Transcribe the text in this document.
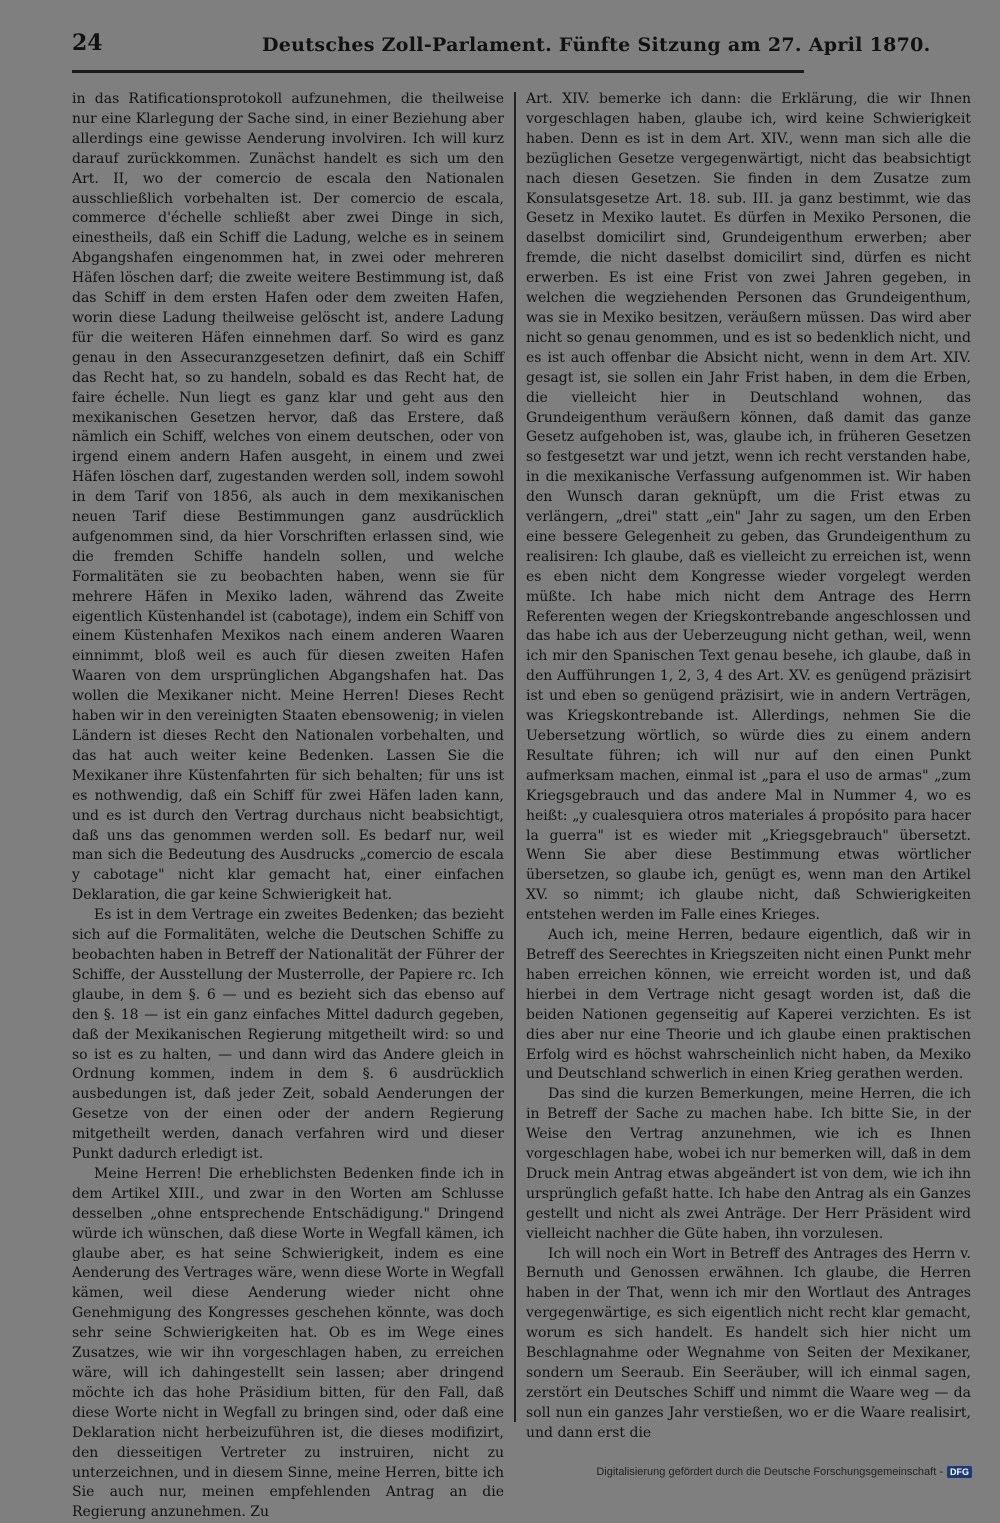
24	Deutsches Zoll-Parlament. Fünfte Sitzung am 27. April 1870.

in das Ratificationsprotokoll aufzunehmen, die theilweise nur eine Klarlegung der Sache sind, in einer Beziehung aber allerdings eine gewisse Aenderung involviren. Ich will kurz darauf zurückkommen. Zunächst handelt es sich um den Art. II, wo der comercio de escala den Nationalen ausschließlich vorbehalten ist. Der comercio de escala, commerce d'échelle schließt aber zwei Dinge in sich, einestheils, daß ein Schiff die Ladung, welche es in seinem Abgangshafen eingenommen hat, in zwei oder mehreren Häfen löschen darf; die zweite weitere Bestimmung ist, daß das Schiff in dem ersten Hafen oder dem zweiten Hafen, worin diese Ladung theilweise gelöscht ist, andere Ladung für die weiteren Häfen einnehmen darf. So wird es ganz genau in den Assecuranzgesetzen definirt, daß ein Schiff das Recht hat, so zu handeln, sobald es das Recht hat, de faire échelle. Nun liegt es ganz klar und geht aus den mexikanischen Gesetzen hervor, daß das Erstere, daß nämlich ein Schiff, welches von einem deutschen, oder von irgend einem andern Hafen ausgeht, in einem und zwei Häfen löschen darf, zugestanden werden soll, indem sowohl in dem Tarif von 1856, als auch in dem mexikanischen neuen Tarif diese Bestimmungen ganz ausdrücklich aufgenommen sind, da hier Vorschriften erlassen sind, wie die fremden Schiffe handeln sollen, und welche Formalitäten sie zu beobachten haben, wenn sie für mehrere Häfen in Mexiko laden, während das Zweite eigentlich Küstenhandel ist (cabotage), indem ein Schiff von einem Küstenhafen Mexikos nach einem anderen Waaren einnimmt, bloß weil es auch für diesen zweiten Hafen Waaren von dem ursprünglichen Abgangshafen hat. Das wollen die Mexikaner nicht. Meine Herren! Dieses Recht haben wir in den vereinigten Staaten ebensowenig; in vielen Ländern ist dieses Recht den Nationalen vorbehalten, und das hat auch weiter keine Bedenken. Lassen Sie die Mexikaner ihre Küstenfahrten für sich behalten; für uns ist es nothwendig, daß ein Schiff für zwei Häfen laden kann, und es ist durch den Vertrag durchaus nicht beabsichtigt, daß uns das genommen werden soll. Es bedarf nur, weil man sich die Bedeutung des Ausdrucks „comercio de escala y cabotage" nicht klar gemacht hat, einer einfachen Deklaration, die gar keine Schwierigkeit hat.

Es ist in dem Vertrage ein zweites Bedenken; das bezieht sich auf die Formalitäten, welche die Deutschen Schiffe zu beobachten haben in Betreff der Nationalität der Führer der Schiffe, der Ausstellung der Musterrolle, der Papiere rc. Ich glaube, in dem §. 6 — und es bezieht sich das ebenso auf den §. 18 — ist ein ganz einfaches Mittel dadurch gegeben, daß der Mexikanischen Regierung mitgetheilt wird: so und so ist es zu halten, — und dann wird das Andere gleich in Ordnung kommen, indem in dem §. 6 ausdrücklich ausbedungen ist, daß jeder Zeit, sobald Aenderungen der Gesetze von der einen oder der andern Regierung mitgetheilt werden, danach verfahren wird und dieser Punkt dadurch erledigt ist.

Meine Herren! Die erheblichsten Bedenken finde ich in dem Artikel XIII., und zwar in den Worten am Schlusse desselben „ohne entsprechende Entschädigung." Dringend würde ich wünschen, daß diese Worte in Wegfall kämen, ich glaube aber, es hat seine Schwierigkeit, indem es eine Aenderung des Vertrages wäre, wenn diese Worte in Wegfall kämen, weil diese Aenderung wieder nicht ohne Genehmigung des Kongresses geschehen könnte, was doch sehr seine Schwierigkeiten hat. Ob es im Wege eines Zusatzes, wie wir ihn vorgeschlagen haben, zu erreichen wäre, will ich dahingestellt sein lassen; aber dringend möchte ich das hohe Präsidium bitten, für den Fall, daß diese Worte nicht in Wegfall zu bringen sind, oder daß eine Deklaration nicht herbeizuführen ist, die dieses modifizirt, den diesseitigen Vertreter zu instruiren, nicht zu unterzeichnen, und in diesem Sinne, meine Herren, bitte ich Sie auch nur, meinen empfehlenden Antrag an die Regierung anzunehmen. Zu

Art. XIV. bemerke ich dann: die Erklärung, die wir Ihnen vorgeschlagen haben, glaube ich, wird keine Schwierigkeit haben. Denn es ist in dem Art. XIV., wenn man sich alle die bezüglichen Gesetze vergegenwärtigt, nicht das beabsichtigt nach diesen Gesetzen. Sie finden in dem Zusatze zum Konsulatsgesetze Art. 18. sub. III. ja ganz bestimmt, wie das Gesetz in Mexiko lautet. Es dürfen in Mexiko Personen, die daselbst domicilirt sind, Grundeigenthum erwerben; aber fremde, die nicht daselbst domicilirt sind, dürfen es nicht erwerben. Es ist eine Frist von zwei Jahren gegeben, in welchen die wegziehenden Personen das Grundeigenthum, was sie in Mexiko besitzen, veräußern müssen. Das wird aber nicht so genau genommen, und es ist so bedenklich nicht, und es ist auch offenbar die Absicht nicht, wenn in dem Art. XIV. gesagt ist, sie sollen ein Jahr Frist haben, in dem die Erben, die vielleicht hier in Deutschland wohnen, das Grundeigenthum veräußern können, daß damit das ganze Gesetz aufgehoben ist, was, glaube ich, in früheren Gesetzen so festgesetzt war und jetzt, wenn ich recht verstanden habe, in die mexikanische Verfassung aufgenommen ist. Wir haben den Wunsch daran geknüpft, um die Frist etwas zu verlängern, „drei" statt „ein" Jahr zu sagen, um den Erben eine bessere Gelegenheit zu geben, das Grundeigenthum zu realisiren: Ich glaube, daß es vielleicht zu erreichen ist, wenn es eben nicht dem Kongresse wieder vorgelegt werden müßte. Ich habe mich nicht dem Antrage des Herrn Referenten wegen der Kriegskontrebande angeschlossen und das habe ich aus der Ueberzeugung nicht gethan, weil, wenn ich mir den Spanischen Text genau besehe, ich glaube, daß in den Aufführungen 1, 2, 3, 4 des Art. XV. es genügend präzisirt ist und eben so genügend präzisirt, wie in andern Verträgen, was Kriegskontrebande ist. Allerdings, nehmen Sie die Uebersetzung wörtlich, so würde dies zu einem andern Resultate führen; ich will nur auf den einen Punkt aufmerksam machen, einmal ist „para el uso de armas" „zum Kriegsgebrauch und das andere Mal in Nummer 4, wo es heißt: „y cualesquiera otros materiales á propósito para hacer la guerra" ist es wieder mit „Kriegsgebrauch" übersetzt. Wenn Sie aber diese Bestimmung etwas wörtlicher übersetzen, so glaube ich, genügt es, wenn man den Artikel XV. so nimmt; ich glaube nicht, daß Schwierigkeiten entstehen werden im Falle eines Krieges.

Auch ich, meine Herren, bedaure eigentlich, daß wir in Betreff des Seerechtes in Kriegszeiten nicht einen Punkt mehr haben erreichen können, wie erreicht worden ist, und daß hierbei in dem Vertrage nicht gesagt worden ist, daß die beiden Nationen gegenseitig auf Kaperei verzichten. Es ist dies aber nur eine Theorie und ich glaube einen praktischen Erfolg wird es höchst wahrscheinlich nicht haben, da Mexiko und Deutschland schwerlich in einen Krieg gerathen werden.

Das sind die kurzen Bemerkungen, meine Herren, die ich in Betreff der Sache zu machen habe. Ich bitte Sie, in der Weise den Vertrag anzunehmen, wie ich es Ihnen vorgeschlagen habe, wobei ich nur bemerken will, daß in dem Druck mein Antrag etwas abgeändert ist von dem, wie ich ihn ursprünglich gefaßt hatte. Ich habe den Antrag als ein Ganzes gestellt und nicht als zwei Anträge. Der Herr Präsident wird vielleicht nachher die Güte haben, ihn vorzulesen.

Ich will noch ein Wort in Betreff des Antrages des Herrn v. Bernuth und Genossen erwähnen. Ich glaube, die Herren haben in der That, wenn ich mir den Wortlaut des Antrages vergegenwärtige, es sich eigentlich nicht recht klar gemacht, worum es sich handelt. Es handelt sich hier nicht um Beschlagnahme oder Wegnahme von Seiten der Mexikaner, sondern um Seeraub. Ein Seeräuber, will ich einmal sagen, zerstört ein Deutsches Schiff und nimmt die Waare weg — da soll nun ein ganzes Jahr verstießen, wo er die Waare realisirt, und dann erst die

Digitalisierung gefördert durch die Deutsche Forschungsgemeinschaft - DFG
